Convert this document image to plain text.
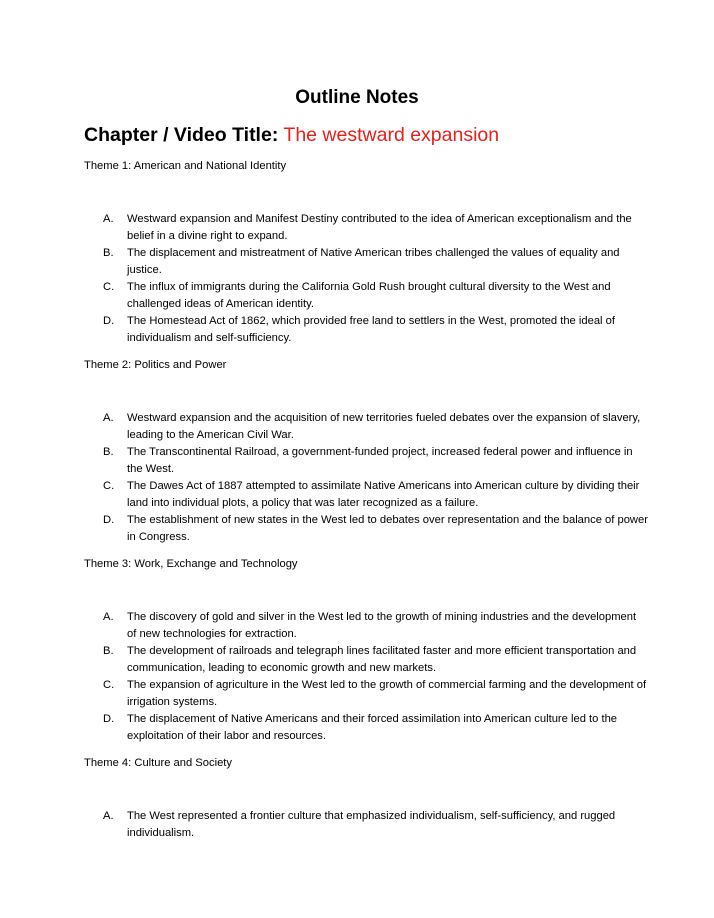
Outline Notes
Chapter / Video Title: The westward expansion
Theme 1: American and National Identity
A. Westward expansion and Manifest Destiny contributed to the idea of American exceptionalism and the belief in a divine right to expand.
B. The displacement and mistreatment of Native American tribes challenged the values of equality and justice.
C. The influx of immigrants during the California Gold Rush brought cultural diversity to the West and challenged ideas of American identity.
D. The Homestead Act of 1862, which provided free land to settlers in the West, promoted the ideal of individualism and self-sufficiency.
Theme 2: Politics and Power
A. Westward expansion and the acquisition of new territories fueled debates over the expansion of slavery, leading to the American Civil War.
B. The Transcontinental Railroad, a government-funded project, increased federal power and influence in the West.
C. The Dawes Act of 1887 attempted to assimilate Native Americans into American culture by dividing their land into individual plots, a policy that was later recognized as a failure.
D. The establishment of new states in the West led to debates over representation and the balance of power in Congress.
Theme 3: Work, Exchange and Technology
A. The discovery of gold and silver in the West led to the growth of mining industries and the development of new technologies for extraction.
B. The development of railroads and telegraph lines facilitated faster and more efficient transportation and communication, leading to economic growth and new markets.
C. The expansion of agriculture in the West led to the growth of commercial farming and the development of irrigation systems.
D. The displacement of Native Americans and their forced assimilation into American culture led to the exploitation of their labor and resources.
Theme 4: Culture and Society
A. The West represented a frontier culture that emphasized individualism, self-sufficiency, and rugged individualism.
